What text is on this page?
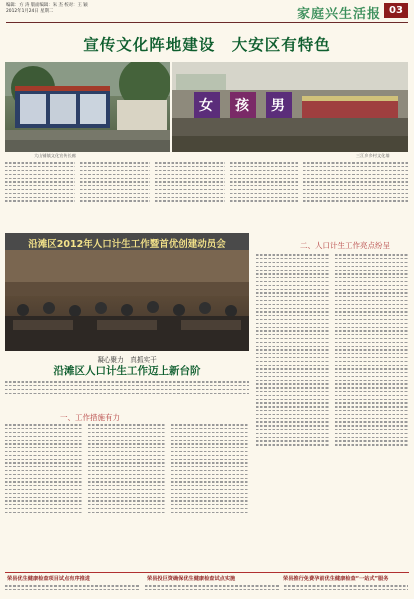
编辑：方 涛 版面编辑：朱 杰 校对：王 颖
2012年1月24日 星期二	家庭兴生活报 03
宣传文化阵地建设　大安区有特色
女 孩 男
大山铺镇文化宣传长廊	三江乡乡村文化墙
沿滩区2012年人口计生工作暨首优创建动员会	二、人口计生工作亮点纷呈
凝心聚力　真抓实干
沿滩区人口计生工作迈上新台阶
一、工作措施有力
荣县优生健康检查项目试点有序推进	荣县投巨资确保优生健康检查试点实施	荣县推行免费孕前优生健康检查“一站式”服务
